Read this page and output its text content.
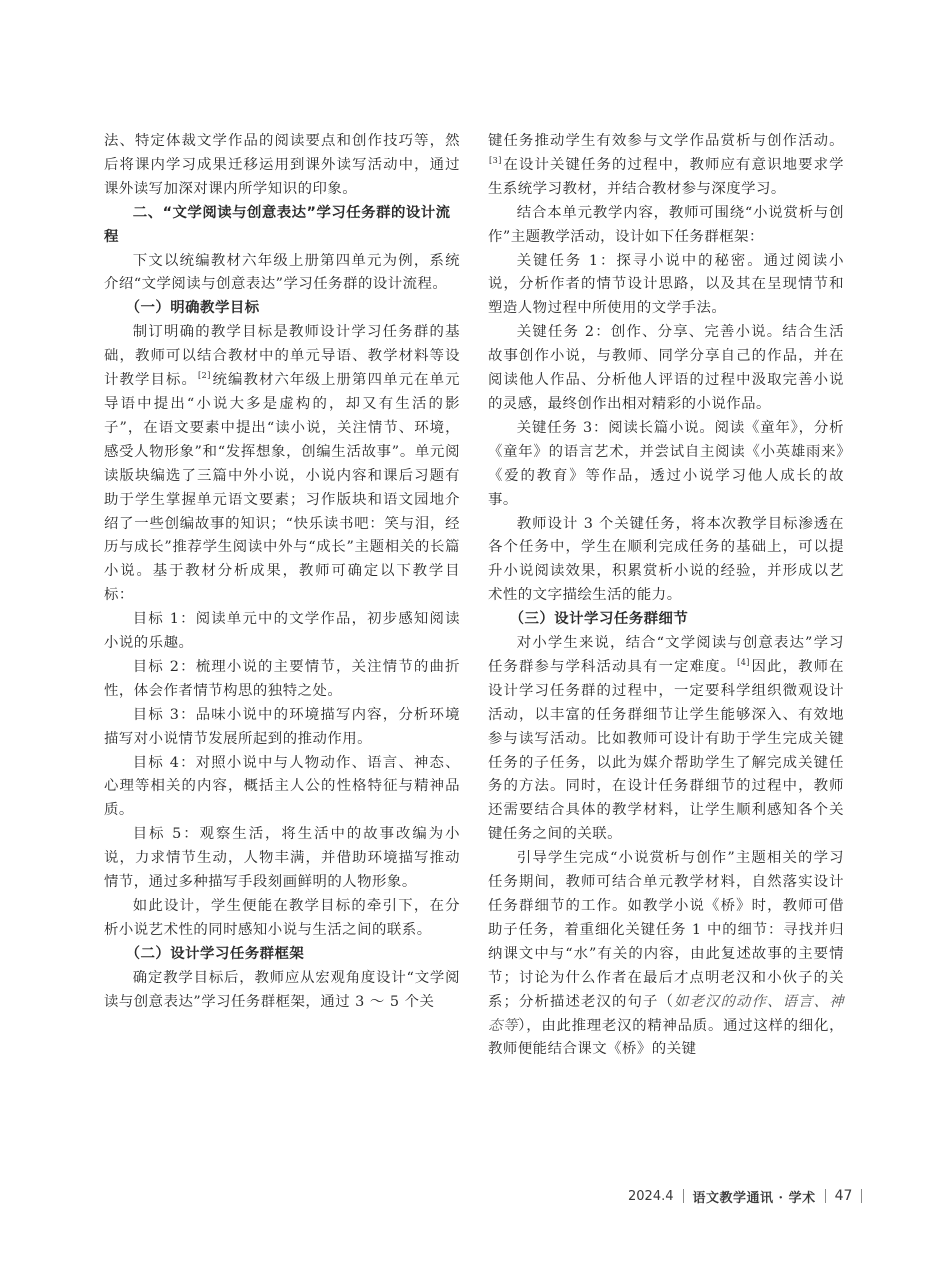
法、特定体裁文学作品的阅读要点和创作技巧等，然后将课内学习成果迁移运用到课外读写活动中，通过课外读写加深对课内所学知识的印象。

二、“文学阅读与创意表达”学习任务群的设计流程

下文以统编教材六年级上册第四单元为例，系统介绍“文学阅读与创意表达”学习任务群的设计流程。

（一）明确教学目标

制订明确的教学目标是教师设计学习任务群的基础，教师可以结合教材中的单元导语、教学材料等设计教学目标。[2]统编教材六年级上册第四单元在单元导语中提出“小说大多是虚构的，却又有生活的影子”，在语文要素中提出“读小说，关注情节、环境，感受人物形象”和“发挥想象，创编生活故事”。单元阅读版块编选了三篇中外小说，小说内容和课后习题有助于学生掌握单元语文要素；习作版块和语文园地介绍了一些创编故事的知识；“快乐读书吧：笑与泪，经历与成长”推荐学生阅读中外与“成长”主题相关的长篇小说。基于教材分析成果，教师可确定以下教学目标：

目标 1：阅读单元中的文学作品，初步感知阅读小说的乐趣。

目标 2：梳理小说的主要情节，关注情节的曲折性，体会作者情节构思的独特之处。

目标 3：品味小说中的环境描写内容，分析环境描写对小说情节发展所起到的推动作用。

目标 4：对照小说中与人物动作、语言、神态、心理等相关的内容，概括主人公的性格特征与精神品质。

目标 5：观察生活，将生活中的故事改编为小说，力求情节生动，人物丰满，并借助环境描写推动情节，通过多种描写手段刻画鲜明的人物形象。

如此设计，学生便能在教学目标的牵引下，在分析小说艺术性的同时感知小说与生活之间的联系。

（二）设计学习任务群框架

确定教学目标后，教师应从宏观角度设计“文学阅读与创意表达”学习任务群框架，通过 3 ～ 5 个关

键任务推动学生有效参与文学作品赏析与创作活动。[3]在设计关键任务的过程中，教师应有意识地要求学生系统学习教材，并结合教材参与深度学习。

结合本单元教学内容，教师可围绕“小说赏析与创作”主题教学活动，设计如下任务群框架：

关键任务 1：探寻小说中的秘密。通过阅读小说，分析作者的情节设计思路，以及其在呈现情节和塑造人物过程中所使用的文学手法。

关键任务 2：创作、分享、完善小说。结合生活故事创作小说，与教师、同学分享自己的作品，并在阅读他人作品、分析他人评语的过程中汲取完善小说的灵感，最终创作出相对精彩的小说作品。

关键任务 3：阅读长篇小说。阅读《童年》，分析《童年》的语言艺术，并尝试自主阅读《小英雄雨来》《爱的教育》等作品，透过小说学习他人成长的故事。

教师设计 3 个关键任务，将本次教学目标渗透在各个任务中，学生在顺利完成任务的基础上，可以提升小说阅读效果，积累赏析小说的经验，并形成以艺术性的文字描绘生活的能力。

（三）设计学习任务群细节

对小学生来说，结合“文学阅读与创意表达”学习任务群参与学科活动具有一定难度。[4]因此，教师在设计学习任务群的过程中，一定要科学组织微观设计活动，以丰富的任务群细节让学生能够深入、有效地参与读写活动。比如教师可设计有助于学生完成关键任务的子任务，以此为媒介帮助学生了解完成关键任务的方法。同时，在设计任务群细节的过程中，教师还需要结合具体的教学材料，让学生顺利感知各个关键任务之间的关联。

引导学生完成“小说赏析与创作”主题相关的学习任务期间，教师可结合单元教学材料，自然落实设计任务群细节的工作。如教学小说《桥》时，教师可借助子任务，着重细化关键任务 1 中的细节：寻找并归纳课文中与“水”有关的内容，由此复述故事的主要情节；讨论为什么作者在最后才点明老汉和小伙子的关系；分析描述老汉的句子（如老汉的动作、语言、神态等），由此推理老汉的精神品质。通过这样的细化，教师便能结合课文《桥》的关键

2024.4 语文教学通讯 · 学术 47
